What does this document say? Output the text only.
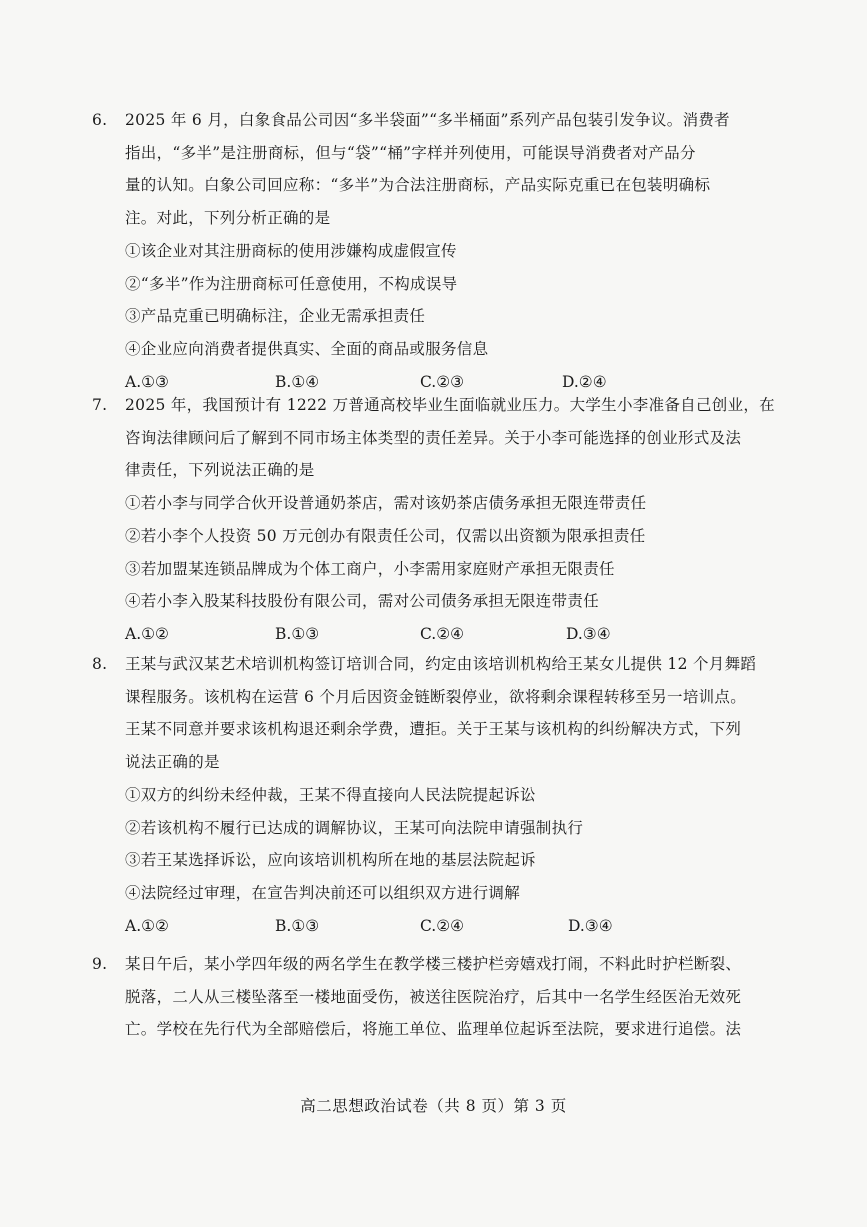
6. 2025 年 6 月，白象食品公司因“多半袋面”“多半桶面”系列产品包装引发争议。消费者
指出，“多半”是注册商标，但与“袋”“桶”字样并列使用，可能误导消费者对产品分
量的认知。白象公司回应称：“多半”为合法注册商标，产品实际克重已在包装明确标
注。对此，下列分析正确的是
①该企业对其注册商标的使用涉嫌构成虚假宣传
②“多半”作为注册商标可任意使用，不构成误导
③产品克重已明确标注，企业无需承担责任
④企业应向消费者提供真实、全面的商品或服务信息
A.①③	B.①④	C.②③	D.②④
7. 2025 年，我国预计有 1222 万普通高校毕业生面临就业压力。大学生小李准备自己创业，在
咨询法律顾问后了解到不同市场主体类型的责任差异。关于小李可能选择的创业形式及法
律责任，下列说法正确的是
①若小李与同学合伙开设普通奶茶店，需对该奶茶店债务承担无限连带责任
②若小李个人投资 50 万元创办有限责任公司，仅需以出资额为限承担责任
③若加盟某连锁品牌成为个体工商户，小李需用家庭财产承担无限责任
④若小李入股某科技股份有限公司，需对公司债务承担无限连带责任
A.①②	B.①③	C.②④	D.③④
8. 王某与武汉某艺术培训机构签订培训合同，约定由该培训机构给王某女儿提供 12 个月舞蹈
课程服务。该机构在运营 6 个月后因资金链断裂停业，欲将剩余课程转移至另一培训点。
王某不同意并要求该机构退还剩余学费，遭拒。关于王某与该机构的纠纷解决方式，下列
说法正确的是
①双方的纠纷未经仲裁，王某不得直接向人民法院提起诉讼
②若该机构不履行已达成的调解协议，王某可向法院申请强制执行
③若王某选择诉讼，应向该培训机构所在地的基层法院起诉
④法院经过审理，在宣告判决前还可以组织双方进行调解
A.①②	B.①③	C.②④	D.③④
9. 某日午后，某小学四年级的两名学生在教学楼三楼护栏旁嬉戏打闹，不料此时护栏断裂、
脱落，二人从三楼坠落至一楼地面受伤，被送往医院治疗，后其中一名学生经医治无效死
亡。学校在先行代为全部赔偿后，将施工单位、监理单位起诉至法院，要求进行追偿。法
高二思想政治试卷（共 8 页）第 3 页
